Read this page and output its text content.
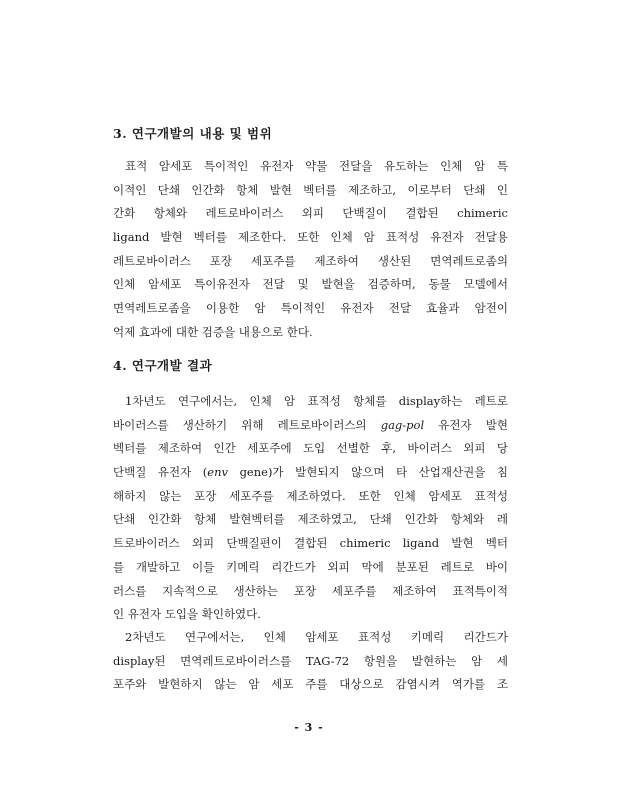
3. 연구개발의 내용 및 범위
표적 암세포 특이적인 유전자 약물 전달을 유도하는 인체 암 특
이적인 단쇄 인간화 항체 발현 벡터를 제조하고, 이로부터 단쇄 인
간화 항체와 레트로바이러스 외피 단백질이 결합된 chimeric
ligand 발현 벡터를 제조한다. 또한 인체 암 표적성 유전자 전달용
레트로바이러스 포장 세포주를 제조하여 생산된 면역레트로좀의
인체 암세포 특이유전자 전달 및 발현을 검증하며, 동물 모델에서
면역레트로좀을 이용한 암 특이적인 유전자 전달 효율과 암전이
억제 효과에 대한 검증을 내용으로 한다.
4. 연구개발 결과
1차년도 연구에서는, 인체 암 표적성 항체를 display하는 레트로
바이러스를 생산하기 위해 레트로바이러스의 gag-pol 유전자 발현
벡터를 제조하여 인간 세포주에 도입 선별한 후, 바이러스 외피 당
단백질 유전자 (env gene)가 발현되지 않으며 타 산업재산권을 침
해하지 않는 포장 세포주를 제조하였다. 또한 인체 암세포 표적성
단쇄 인간화 항체 발현벡터를 제조하였고, 단쇄 인간화 항체와 레
트로바이러스 외피 단백질편이 결합된 chimeric ligand 발현 벡터
를 개발하고 이들 키메릭 리간드가 외피 막에 분포된 레트로 바이
러스를 지속적으로 생산하는 포장 세포주를 제조하여 표적특이적
인 유전자 도입을 확인하였다.
2차년도 연구에서는, 인체 암세포 표적성 키메릭 리간드가
display된 면역레트로바이러스를 TAG-72 항원을 발현하는 암 세
포주와 발현하지 않는 암 세포 주를 대상으로 감염시켜 역가를 조
- 3 -
